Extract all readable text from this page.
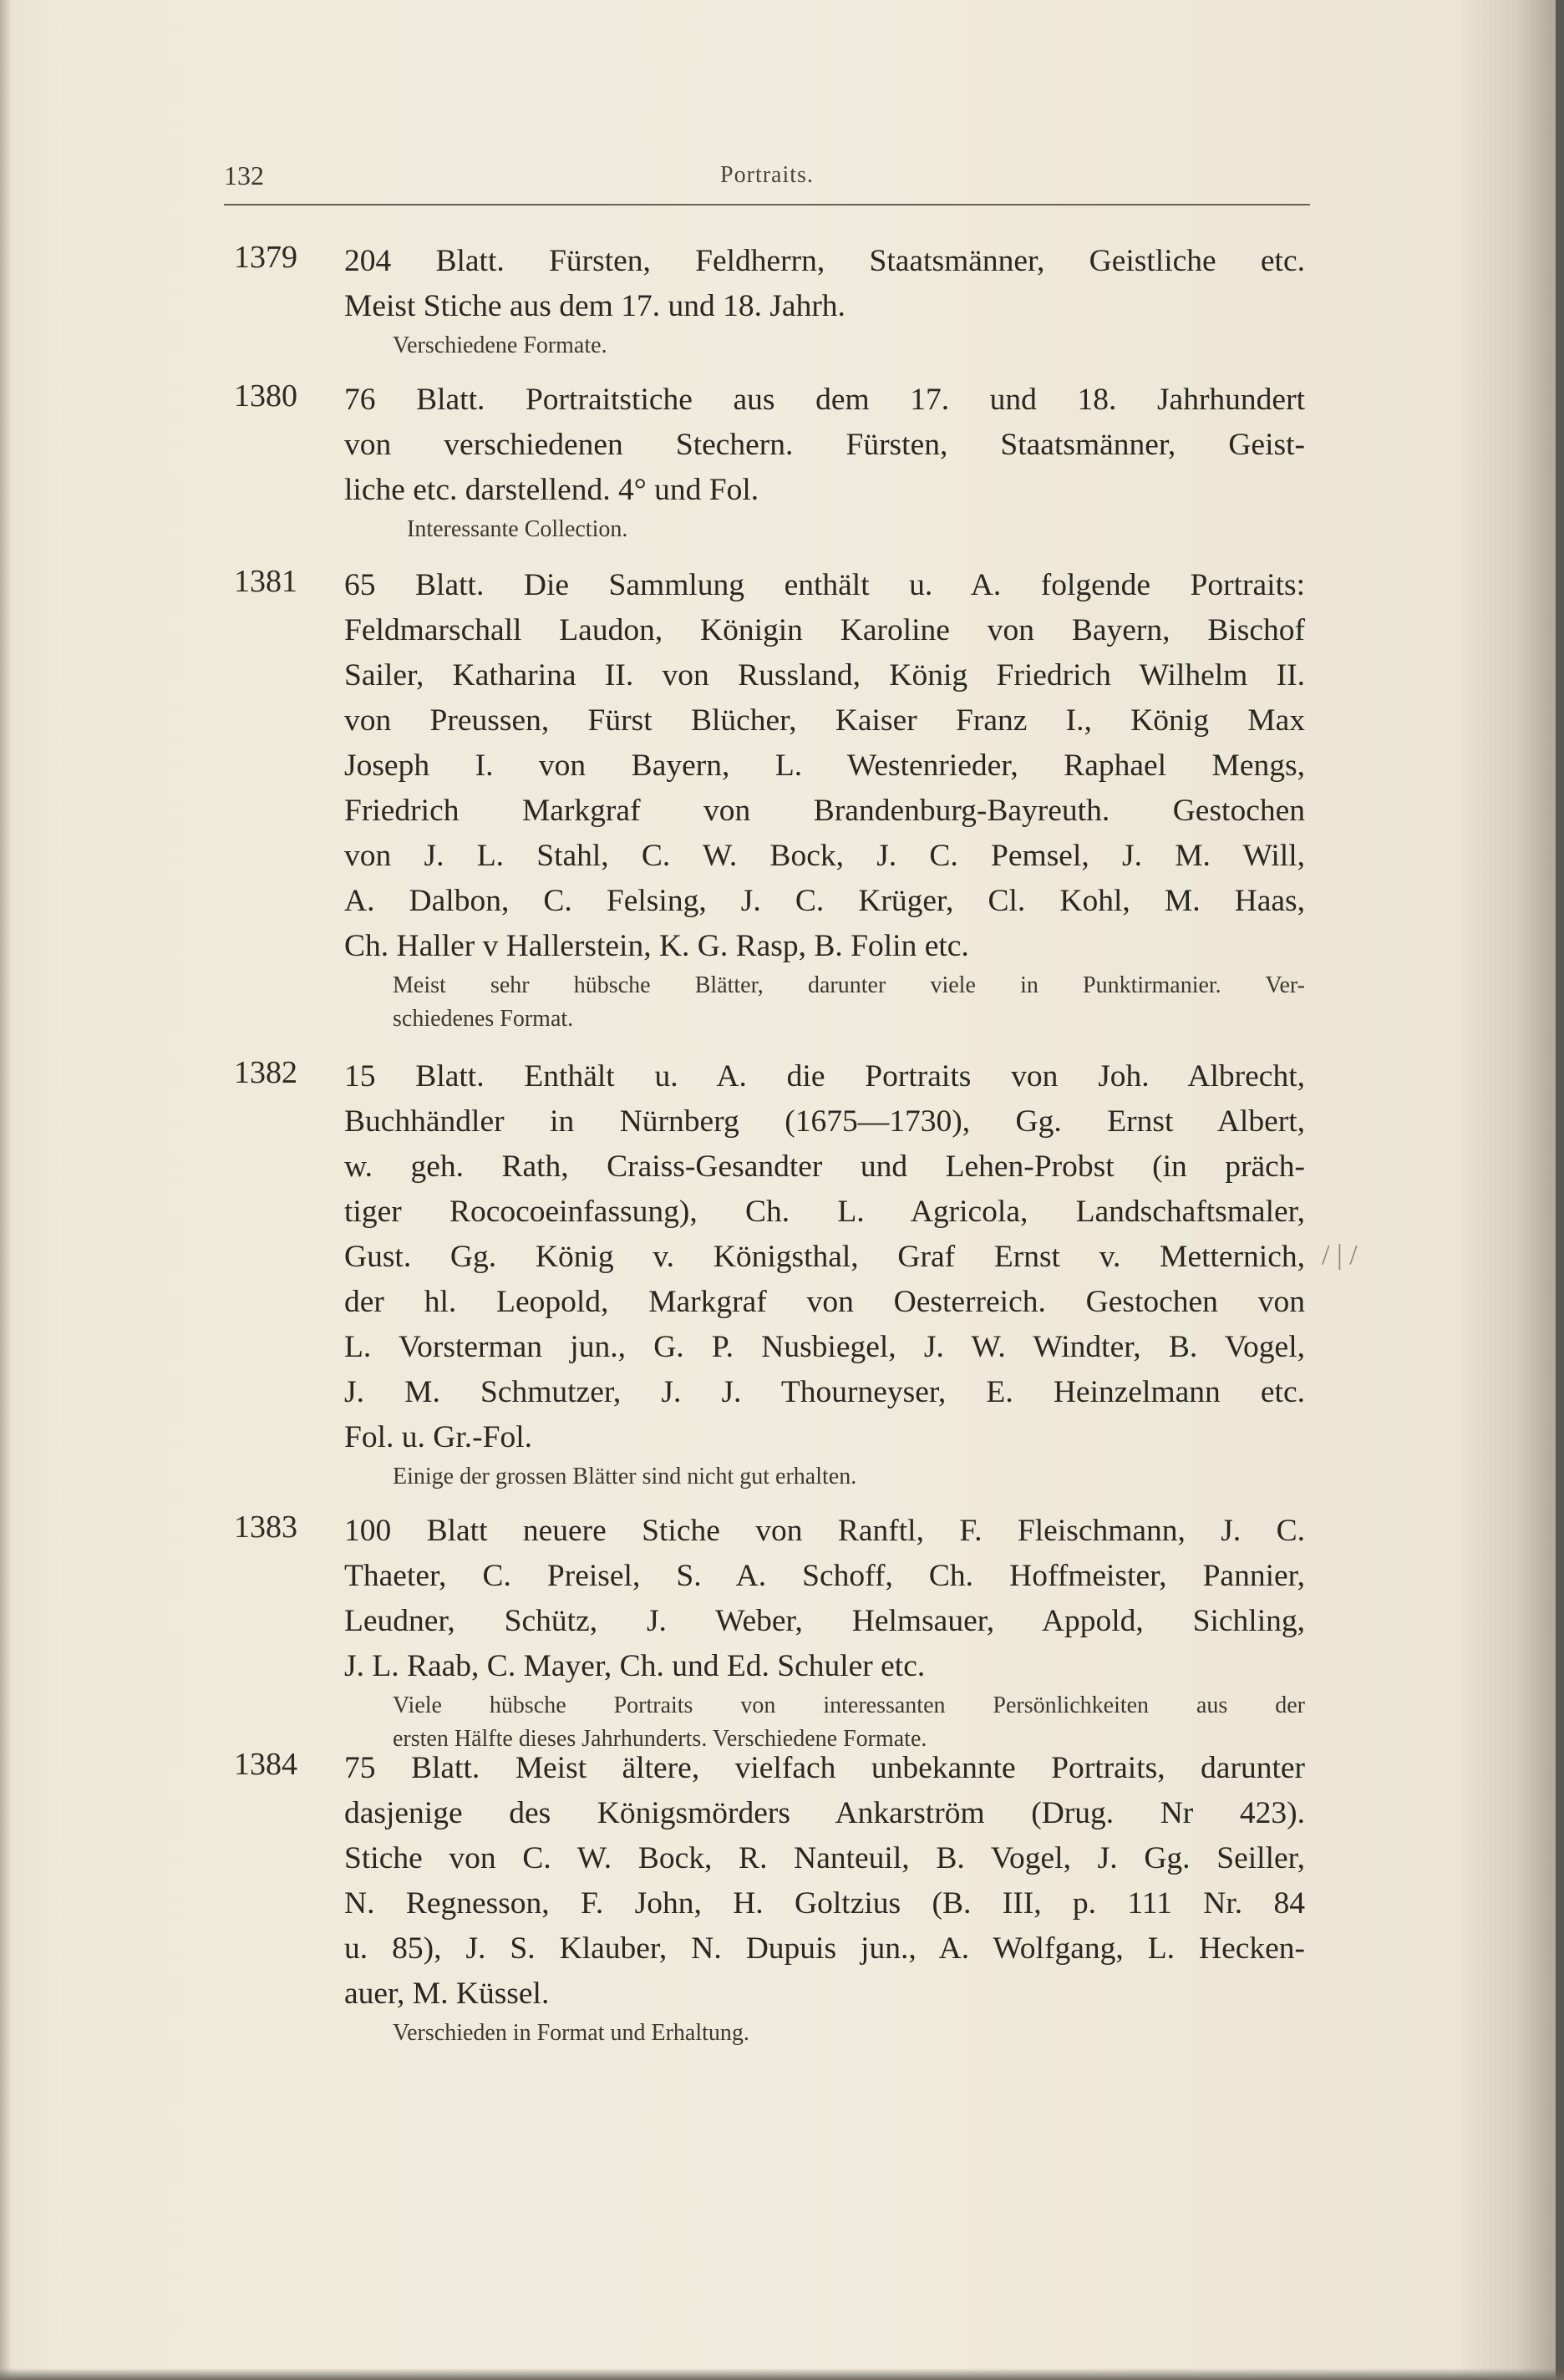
132	Portraits.
1379 204 Blatt. Fürsten, Feldherrn, Staatsmänner, Geistliche etc.
Meist Stiche aus dem 17. und 18. Jahrh.
Verschiedene Formate.
1380 76 Blatt. Portraitstiche aus dem 17. und 18. Jahrhundert
von verschiedenen Stechern. Fürsten, Staatsmänner, Geist-
liche etc. darstellend. 4° und Fol.
Interessante Collection.
1381 65 Blatt. Die Sammlung enthält u. A. folgende Portraits:
Feldmarschall Laudon, Königin Karoline von Bayern, Bischof
Sailer, Katharina II. von Russland, König Friedrich Wilhelm II.
von Preussen, Fürst Blücher, Kaiser Franz I., König Max
Joseph I. von Bayern, L. Westenrieder, Raphael Mengs,
Friedrich Markgraf von Brandenburg-Bayreuth. Gestochen
von J. L. Stahl, C. W. Bock, J. C. Pemsel, J. M. Will,
A. Dalbon, C. Felsing, J. C. Krüger, Cl. Kohl, M. Haas,
Ch. Haller v Hallerstein, K. G. Rasp, B. Folin etc.
Meist sehr hübsche Blätter, darunter viele in Punktirmanier. Ver-
schiedenes Format.
1382 15 Blatt. Enthält u. A. die Portraits von Joh. Albrecht,
Buchhändler in Nürnberg (1675—1730), Gg. Ernst Albert,
w. geh. Rath, Craiss-Gesandter und Lehen-Probst (in präch-
tiger Rococoeinfassung), Ch. L. Agricola, Landschaftsmaler,
Gust. Gg. König v. Königsthal, Graf Ernst v. Metternich,
der hl. Leopold, Markgraf von Oesterreich. Gestochen von
L. Vorsterman jun., G. P. Nusbiegel, J. W. Windter, B. Vogel,
J. M. Schmutzer, J. J. Thourneyser, E. Heinzelmann etc.
Fol. u. Gr.-Fol.
Einige der grossen Blätter sind nicht gut erhalten.
1383 100 Blatt neuere Stiche von Ranftl, F. Fleischmann, J. C.
Thaeter, C. Preisel, S. A. Schoff, Ch. Hoffmeister, Pannier,
Leudner, Schütz, J. Weber, Helmsauer, Appold, Sichling,
J. L. Raab, C. Mayer, Ch. und Ed. Schuler etc.
Viele hübsche Portraits von interessanten Persönlichkeiten aus der
ersten Hälfte dieses Jahrhunderts. Verschiedene Formate.
1384 75 Blatt. Meist ältere, vielfach unbekannte Portraits, darunter
dasjenige des Königsmörders Ankarström (Drug. Nr 423).
Stiche von C. W. Bock, R. Nanteuil, B. Vogel, J. Gg. Seiller,
N. Regnesson, F. John, H. Goltzius (B. III, p. 111 Nr. 84
u. 85), J. S. Klauber, N. Dupuis jun., A. Wolfgang, L. Hecken-
auer, M. Küssel.
Verschieden in Format und Erhaltung.
/ | /
